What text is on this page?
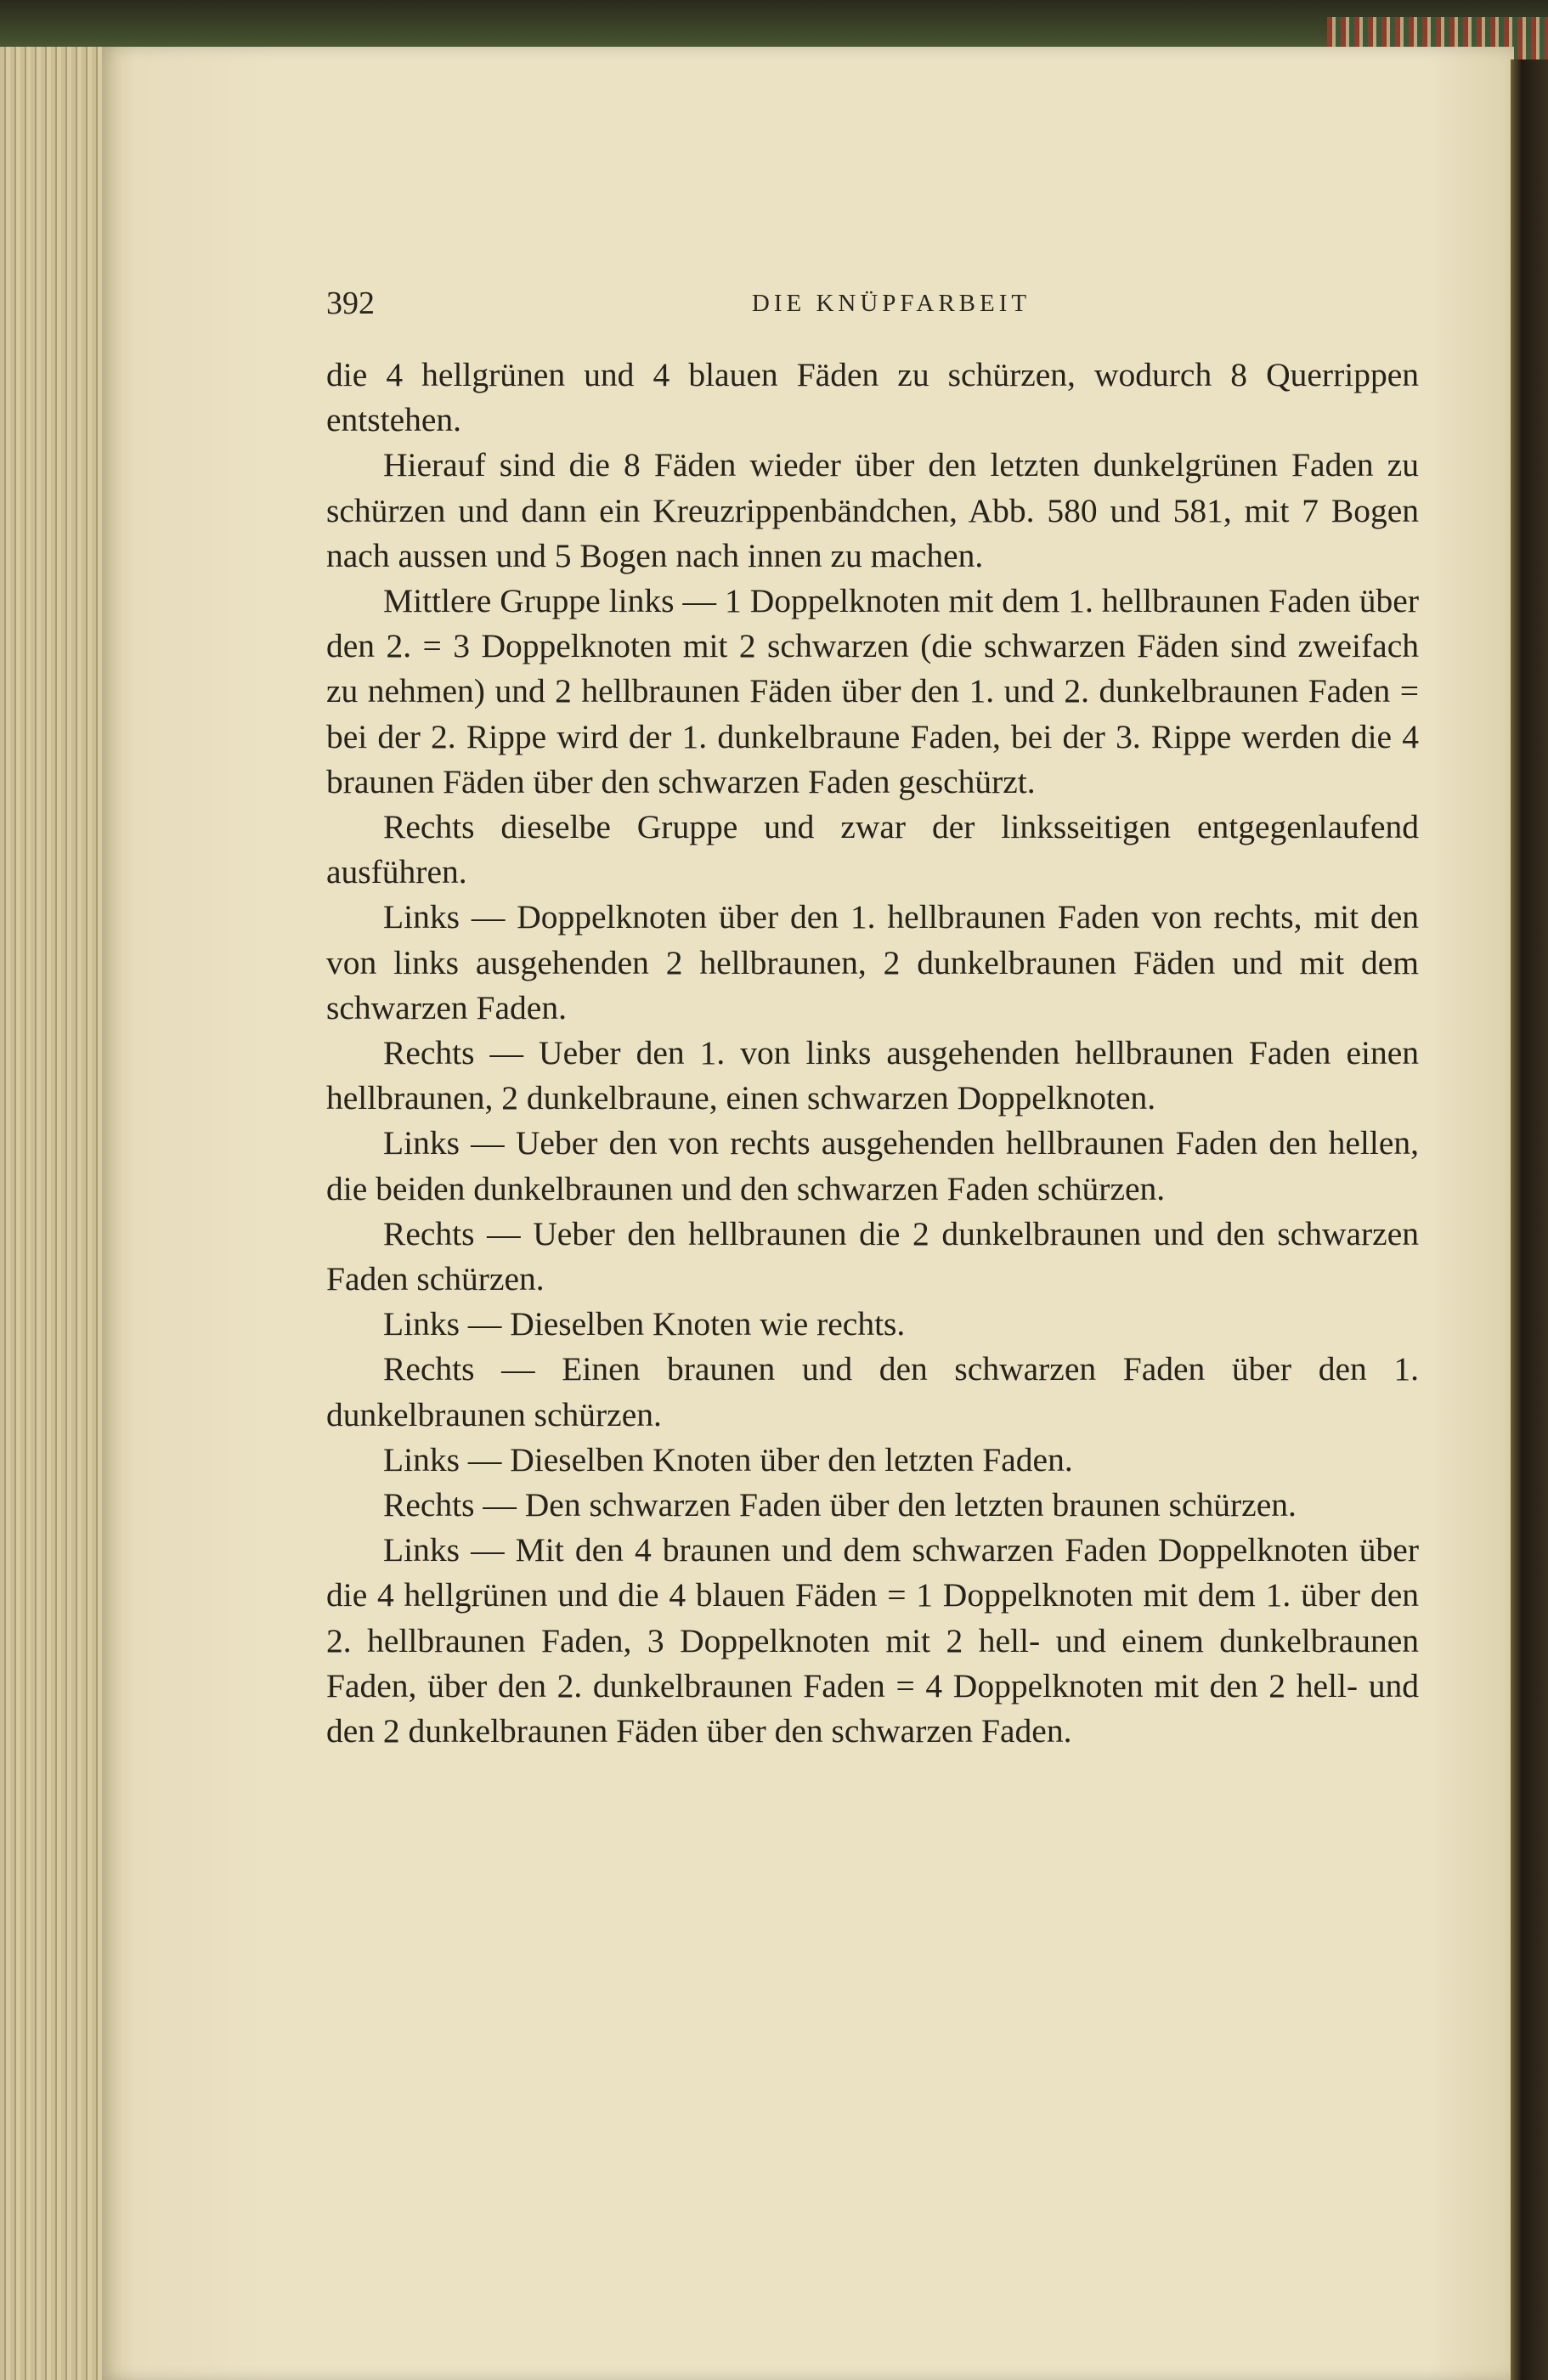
392	DIE KNÜPFARBEIT

die 4 hellgrünen und 4 blauen Fäden zu schürzen, wodurch 8 Querrippen entstehen.

Hierauf sind die 8 Fäden wieder über den letzten dunkelgrünen Faden zu schürzen und dann ein Kreuzrippenbändchen, Abb. 580 und 581, mit 7 Bogen nach aussen und 5 Bogen nach innen zu machen.

Mittlere Gruppe links — 1 Doppelknoten mit dem 1. hellbraunen Faden über den 2. = 3 Doppelknoten mit 2 schwarzen (die schwarzen Fäden sind zweifach zu nehmen) und 2 hellbraunen Fäden über den 1. und 2. dunkelbraunen Faden = bei der 2. Rippe wird der 1. dunkelbraune Faden, bei der 3. Rippe werden die 4 braunen Fäden über den schwarzen Faden geschürzt.

Rechts dieselbe Gruppe und zwar der linksseitigen entgegenlaufend ausführen.

Links — Doppelknoten über den 1. hellbraunen Faden von rechts, mit den von links ausgehenden 2 hellbraunen, 2 dunkelbraunen Fäden und mit dem schwarzen Faden.

Rechts — Ueber den 1. von links ausgehenden hellbraunen Faden einen hellbraunen, 2 dunkelbraune, einen schwarzen Doppelknoten.

Links — Ueber den von rechts ausgehenden hellbraunen Faden den hellen, die beiden dunkelbraunen und den schwarzen Faden schürzen.

Rechts — Ueber den hellbraunen die 2 dunkelbraunen und den schwarzen Faden schürzen.

Links — Dieselben Knoten wie rechts.

Rechts — Einen braunen und den schwarzen Faden über den 1. dunkelbraunen schürzen.

Links — Dieselben Knoten über den letzten Faden.

Rechts — Den schwarzen Faden über den letzten braunen schürzen.

Links — Mit den 4 braunen und dem schwarzen Faden Doppelknoten über die 4 hellgrünen und die 4 blauen Fäden = 1 Doppelknoten mit dem 1. über den 2. hellbraunen Faden, 3 Doppelknoten mit 2 hell- und einem dunkelbraunen Faden, über den 2. dunkelbraunen Faden = 4 Doppelknoten mit den 2 hell- und den 2 dunkelbraunen Fäden über den schwarzen Faden.
